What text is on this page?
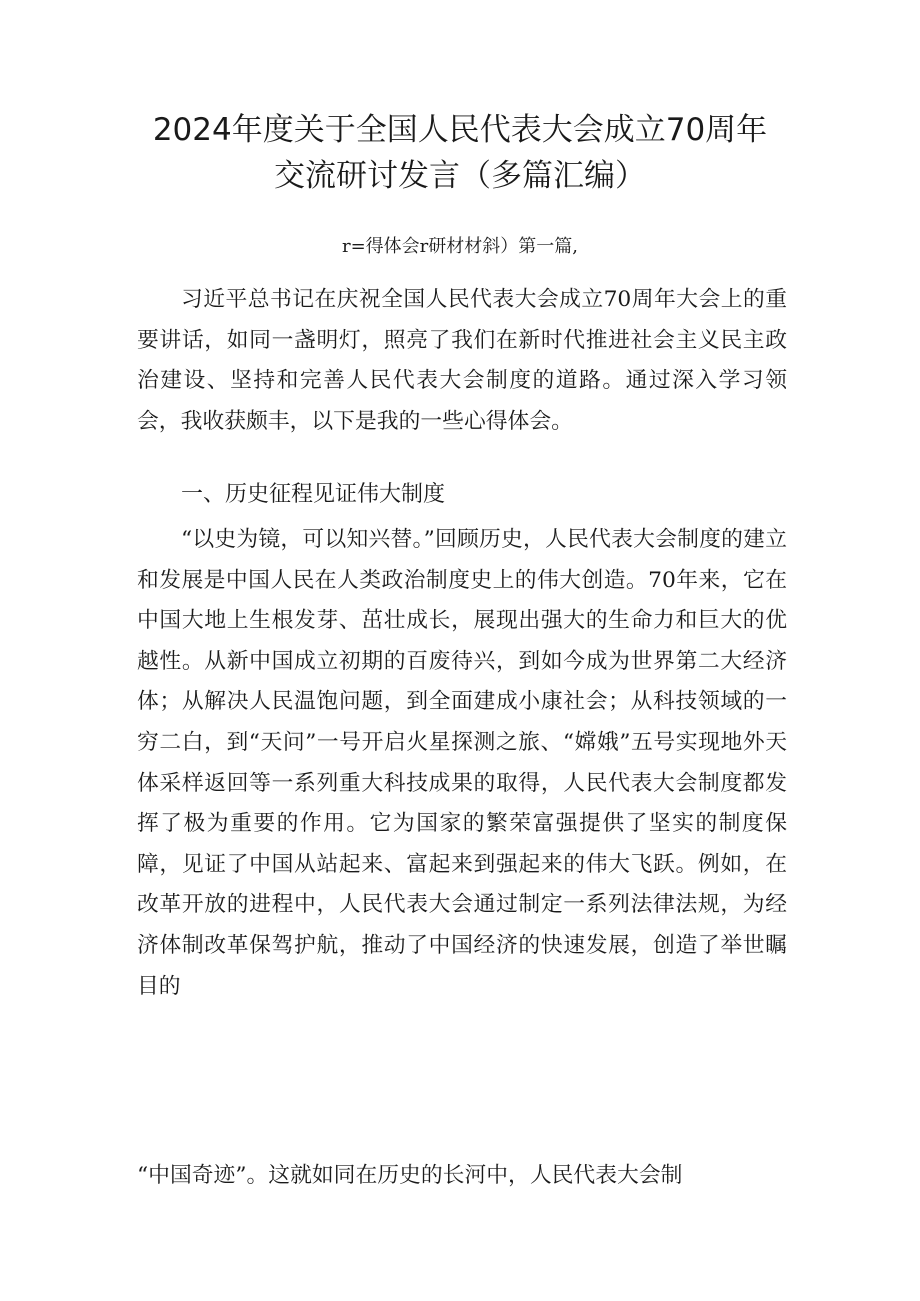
2024年度关于全国人民代表大会成立70周年
交流研讨发言（多篇汇编）
r=得体会r研材材斜）第一篇,

习近平总书记在庆祝全国人民代表大会成立70周年大会上的重要讲话，如同一盏明灯，照亮了我们在新时代推进社会主义民主政治建设、坚持和完善人民代表大会制度的道路。通过深入学习领会，我收获颇丰，以下是我的一些心得体会。

一、历史征程见证伟大制度

“以史为镜，可以知兴替。”回顾历史，人民代表大会制度的建立和发展是中国人民在人类政治制度史上的伟大创造。70年来，它在中国大地上生根发芽、茁壮成长，展现出强大的生命力和巨大的优越性。从新中国成立初期的百废待兴，到如今成为世界第二大经济体；从解决人民温饱问题，到全面建成小康社会；从科技领域的一穷二白，到“天问”一号开启火星探测之旅、“嫦娥”五号实现地外天体采样返回等一系列重大科技成果的取得，人民代表大会制度都发挥了极为重要的作用。它为国家的繁荣富强提供了坚实的制度保障，见证了中国从站起来、富起来到强起来的伟大飞跃。例如，在改革开放的进程中，人民代表大会通过制定一系列法律法规，为经济体制改革保驾护航，推动了中国经济的快速发展，创造了举世瞩目的

“中国奇迹”。这就如同在历史的长河中，人民代表大会制
